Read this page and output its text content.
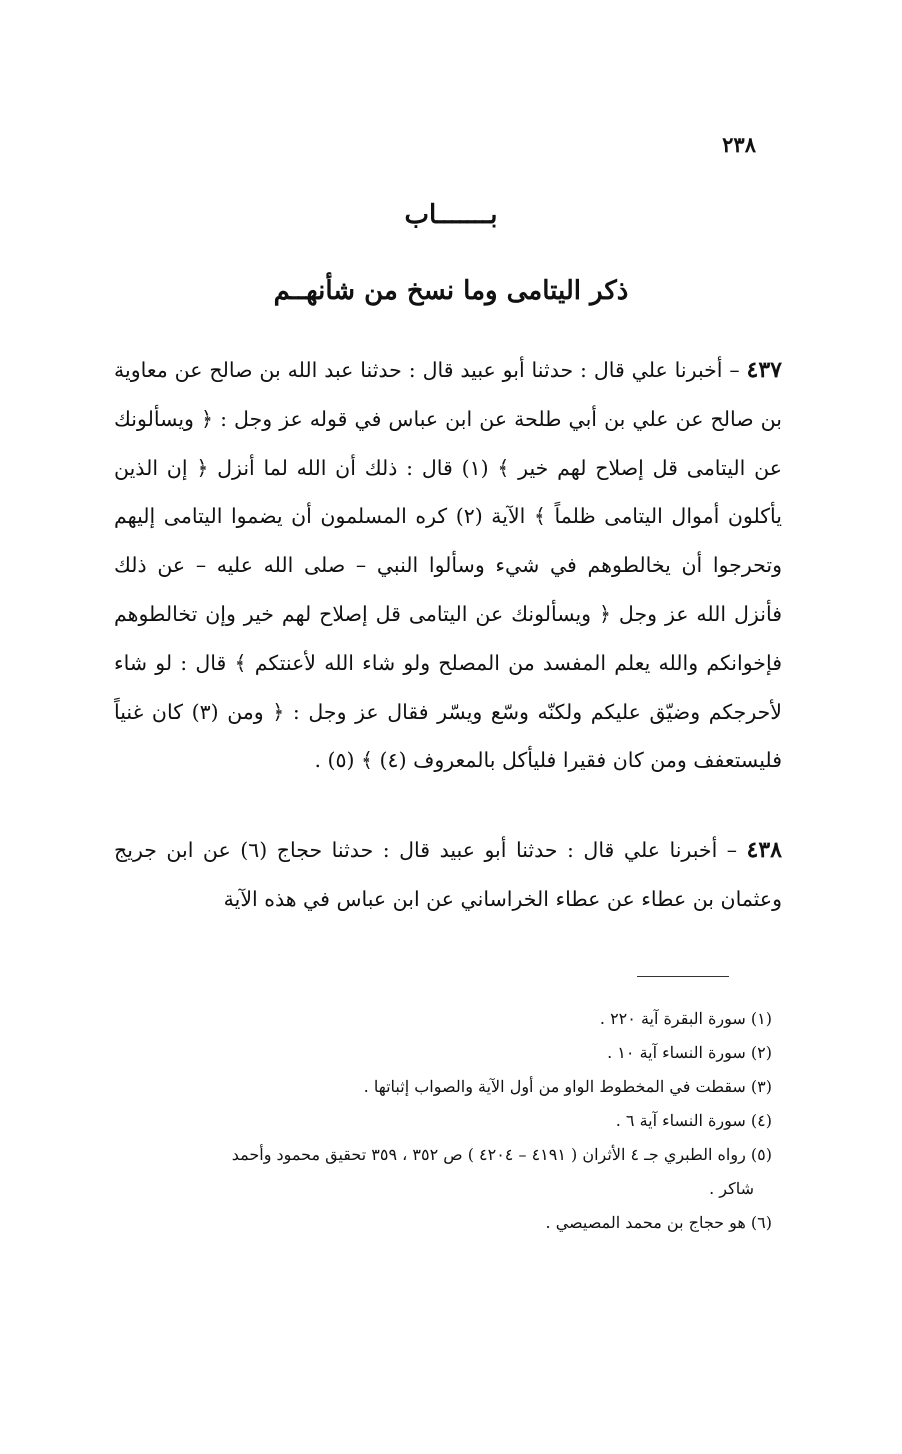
٢٣٨
بـــــــاب
ذكر اليتامى وما نسخ من شأنهــم
٤٣٧ – أخبرنا علي قال : حدثنا أبو عبيد قال : حدثنا عبد الله بن صالح عن معاوية بن صالح عن علي بن أبي طلحة عن ابن عباس في قوله عز وجل : ﴿ ويسألونك عن اليتامى قل إصلاح لهم خير ﴾ (١) قال : ذلك أن الله لما أنزل ﴿ إن الذين يأكلون أموال اليتامى ظلماً ﴾ الآية (٢) كره المسلمون أن يضموا اليتامى إليهم وتحرجوا أن يخالطوهم في شيء وسألوا النبي – صلى الله عليه – عن ذلك فأنزل الله عز وجل ﴿ ويسألونك عن اليتامى قل إصلاح لهم خير وإن تخالطوهم فإخوانكم والله يعلم المفسد من المصلح ولو شاء الله لأعنتكم ﴾ قال : لو شاء لأحرجكم وضيّق عليكم ولكنّه وسّع ويسّر فقال عز وجل : ﴿ ومن (٣) كان غنياً فليستعفف ومن كان فقيرا فليأكل بالمعروف (٤) ﴾ (٥) .
٤٣٨ – أخبرنا علي قال : حدثنا أبو عبيد قال : حدثنا حجاج (٦) عن ابن جريج وعثمان بن عطاء عن عطاء الخراساني عن ابن عباس في هذه الآية

(١) سورة البقرة آية ٢٢٠ .

(٢) سورة النساء آية ١٠ .

(٣) سقطت في المخطوط الواو من أول الآية والصواب إثباتها .

(٤) سورة النساء آية ٦ .

(٥) رواه الطبري جـ ٤ الأثران ( ٤١٩١ – ٤٢٠٤ ) ص ٣٥٢ ، ٣٥٩ تحقيق محمود وأحمد

شاكر .

(٦) هو حجاج بن محمد المصيصي .
